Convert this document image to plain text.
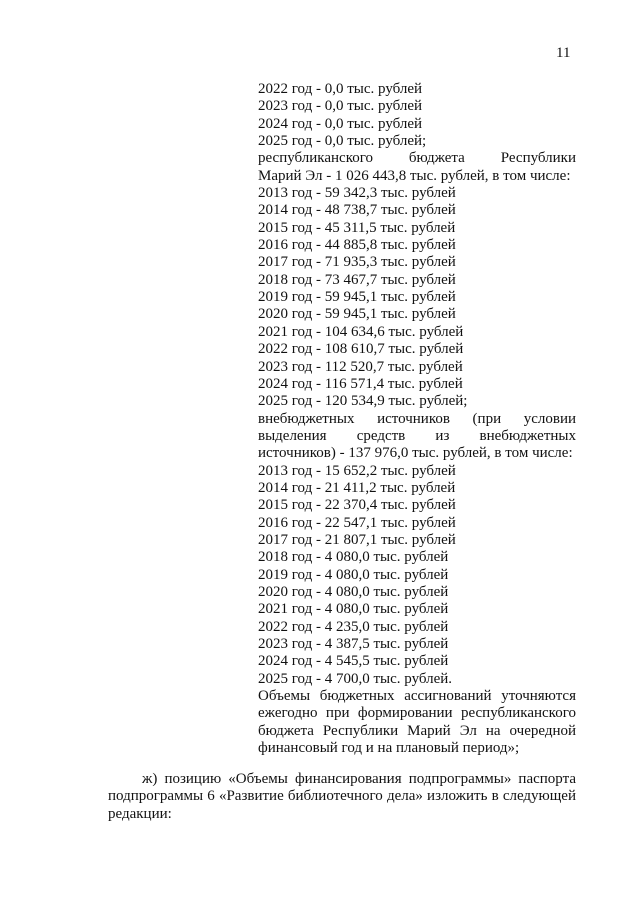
11
2022 год - 0,0 тыс. рублей
2023 год - 0,0 тыс. рублей
2024 год - 0,0 тыс. рублей
2025 год - 0,0 тыс. рублей;
республиканского бюджета Республики
Марий Эл - 1 026 443,8 тыс. рублей, в том числе:
2013 год - 59 342,3 тыс. рублей
2014 год - 48 738,7 тыс. рублей
2015 год - 45 311,5 тыс. рублей
2016 год - 44 885,8 тыс. рублей
2017 год - 71 935,3 тыс. рублей
2018 год - 73 467,7 тыс. рублей
2019 год - 59 945,1 тыс. рублей
2020 год - 59 945,1 тыс. рублей
2021 год - 104 634,6 тыс. рублей
2022 год - 108 610,7 тыс. рублей
2023 год - 112 520,7 тыс. рублей
2024 год - 116 571,4 тыс. рублей
2025 год - 120 534,9 тыс. рублей;
внебюджетных источников (при условии
выделения средств из внебюджетных
источников) - 137 976,0 тыс. рублей, в том числе:
2013 год - 15 652,2 тыс. рублей
2014 год - 21 411,2 тыс. рублей
2015 год - 22 370,4 тыс. рублей
2016 год - 22 547,1 тыс. рублей
2017 год - 21 807,1 тыс. рублей
2018 год - 4 080,0 тыс. рублей
2019 год - 4 080,0 тыс. рублей
2020 год - 4 080,0 тыс. рублей
2021 год - 4 080,0 тыс. рублей
2022 год - 4 235,0 тыс. рублей
2023 год - 4 387,5 тыс. рублей
2024 год - 4 545,5 тыс. рублей
2025 год - 4 700,0 тыс. рублей.
Объемы бюджетных ассигнований уточняются ежегодно при формировании республиканского бюджета Республики Марий Эл на очередной финансовый год и на плановый период»;
ж) позицию «Объемы финансирования подпрограммы» паспорта подпрограммы 6 «Развитие библиотечного дела» изложить в следующей редакции:
